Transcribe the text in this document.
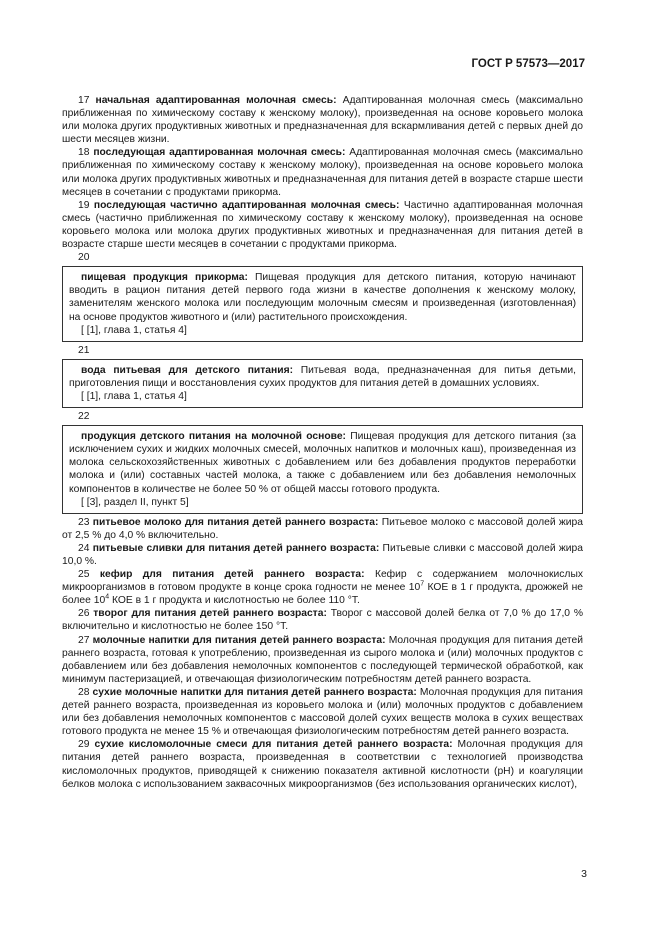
ГОСТ Р 57573—2017

17 начальная адаптированная молочная смесь: Адаптированная молочная смесь (максимально приближенная по химическому составу к женскому молоку), произведенная на основе коровьего молока или молока других продуктивных животных и предназначенная для вскармливания детей с первых дней до шести месяцев жизни.

18 последующая адаптированная молочная смесь: Адаптированная молочная смесь (максимально приближенная по химическому составу к женскому молоку), произведенная на основе коровьего молока или молока других продуктивных животных и предназначенная для питания детей в возрасте старше шести месяцев в сочетании с продуктами прикорма.

19 последующая частично адаптированная молочная смесь: Частично адаптированная молочная смесь (частично приближенная по химическому составу к женскому молоку), произведенная на основе коровьего молока или молока других продуктивных животных и предназначенная для питания детей в возрасте старше шести месяцев в сочетании с продуктами прикорма.

20

пищевая продукция прикорма: Пищевая продукция для детского питания, которую начинают вводить в рацион питания детей первого года жизни в качестве дополнения к женскому молоку, заменителям женского молока или последующим молочным смесям и произведенная (изготовленная) на основе продуктов животного и (или) растительного происхождения.

[ [1], глава 1, статья 4]

21

вода питьевая для детского питания: Питьевая вода, предназначенная для питья детьми, приготовления пищи и восстановления сухих продуктов для питания детей в домашних условиях.

[ [1], глава 1, статья 4]

22

продукция детского питания на молочной основе: Пищевая продукция для детского питания (за исключением сухих и жидких молочных смесей, молочных напитков и молочных каш), произведенная из молока сельскохозяйственных животных с добавлением или без добавления продуктов переработки молока и (или) составных частей молока, а также с добавлением или без добавления немолочных компонентов в количестве не более 50 % от общей массы готового продукта.

[ [3], раздел II, пункт 5]

23 питьевое молоко для питания детей раннего возраста: Питьевое молоко с массовой долей жира от 2,5 % до 4,0 % включительно.

24 питьевые сливки для питания детей раннего возраста: Питьевые сливки с массовой долей жира 10,0 %.

25 кефир для питания детей раннего возраста: Кефир с содержанием молочнокислых микроорганизмов в готовом продукте в конце срока годности не менее $10^7$ КОЕ в 1 г продукта, дрожжей не более $10^4$ КОЕ в 1 г продукта и кислотностью не более 110 °Т.

26 творог для питания детей раннего возраста: Творог с массовой долей белка от 7,0 % до 17,0 % включительно и кислотностью не более 150 °Т.

27 молочные напитки для питания детей раннего возраста: Молочная продукция для питания детей раннего возраста, готовая к употреблению, произведенная из сырого молока и (или) молочных продуктов с добавлением или без добавления немолочных компонентов с последующей термической обработкой, как минимум пастеризацией, и отвечающая физиологическим потребностям детей раннего возраста.

28 сухие молочные напитки для питания детей раннего возраста: Молочная продукция для питания детей раннего возраста, произведенная из коровьего молока и (или) молочных продуктов с добавлением или без добавления немолочных компонентов с массовой долей сухих веществ молока в сухих веществах готового продукта не менее 15 % и отвечающая физиологическим потребностям детей раннего возраста.

29 сухие кисломолочные смеси для питания детей раннего возраста: Молочная продукция для питания детей раннего возраста, произведенная в соответствии с технологией производства кисломолочных продуктов, приводящей к снижению показателя активной кислотности (pH) и коагуляции белков молока с использованием заквасочных микроорганизмов (без использования органических кислот),

3
